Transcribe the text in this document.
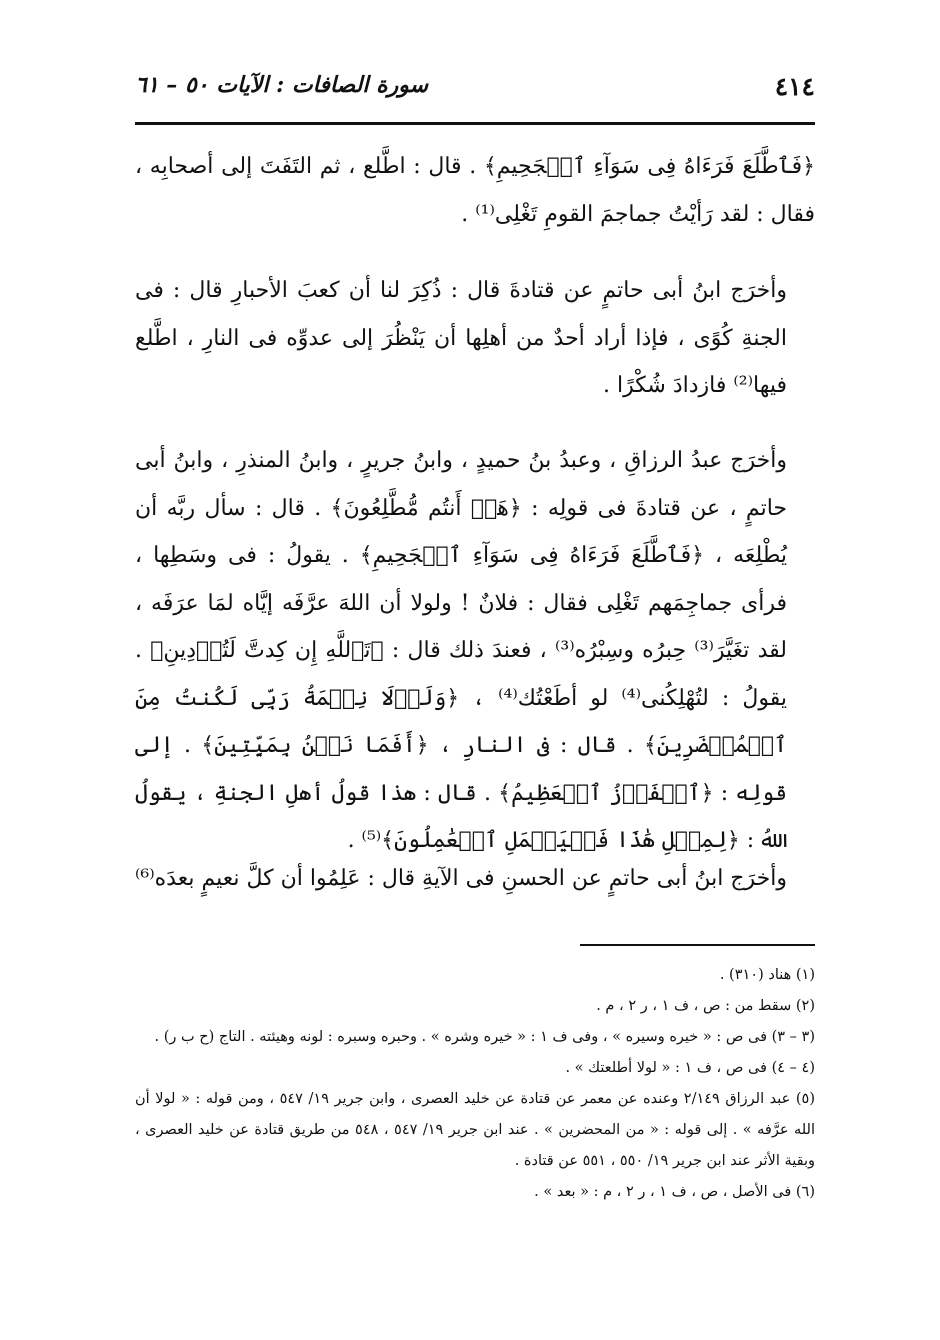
٤١٤
سورة الصافات : الآيات ٥٠ – ٦١

﴿فَٱطَّلَعَ فَرَءَاهُ فِى سَوَآءِ ٱلۡجَحِيمِ﴾ . قال : اطَّلع ، ثم التَفَتَ إلى أصحابِه ، فقال : لقد رَأيْتُ جماجمَ القومِ تَغْلِى⁽¹⁾ .

وأخرَج ابنُ أبى حاتمٍ عن قتادةَ قال : ذُكِرَ لنا أن كعبَ الأحبارِ قال : فى الجنةِ كُوًى ، فإذا أراد أحدٌ من أهلِها أن يَنْظُرَ إلى عدوِّه فى النارِ ، اطَّلع فيها⁽²⁾ فازدادَ شُكْرًا .

وأخرَج عبدُ الرزاقِ ، وعبدُ بنُ حميدٍ ، وابنُ جريرٍ ، وابنُ المنذرِ ، وابنُ أبى حاتمٍ ، عن قتادةَ فى قولِه : ﴿هَلۡ أَنتُم مُّطَّلِعُونَ﴾ . قال : سأل ربَّه أن يُطْلِعَه ، ﴿فَٱطَّلَعَ فَرَءَاهُ فِى سَوَآءِ ٱلۡجَحِيمِ﴾ . يقولُ : فى وسَطِها ، فرأى جماجِمَهم تَغْلِى فقال : فلانٌ ! ولولا أن اللهَ عرَّفَه إيَّاه لمَا عرَفَه ، لقد تغَيَّرَ⁽³⁾ حِبرُه وسِبْرُه⁽³⁾ ، فعندَ ذلك قال : ﴿تَٱللَّهِ إِن كِدتَّ لَتُرۡدِينِ﴾ . يقولُ : لتُهْلِكُنى⁽⁴⁾ لو أطَعْتُك⁽⁴⁾ ، ﴿وَلَوۡلَا نِعۡمَةُ رَبِّى لَكُنتُ مِنَ ٱلۡمُحۡضَرِينَ﴾ . قال : فى النارِ ، ﴿أَفَمَا نَحۡنُ بِمَيِّتِينَ﴾ . إلى قولِه : ﴿ٱلۡفَوۡزُ ٱلۡعَظِيمُ﴾ . قال : هذا قولُ أهلِ الجنةِ ، يقولُ اللهُ : ﴿لِمِثۡلِ هَٰذَا فَلۡيَعۡمَلِ ٱلۡعَٰمِلُونَ﴾⁽⁵⁾ .

وأخرَج ابنُ أبى حاتمٍ عن الحسنِ فى الآيةِ قال : عَلِمُوا أن كلَّ نعيمٍ بعدَه⁽⁶⁾

(١) هناد (٣١٠) .

(٢) سقط من : ص ، ف ١ ، ر ٢ ، م .

(٣ – ٣) فى ص : « خيره وسيره » ، وفى ف ١ : « خيره وشره » . وحبره وسبره : لونه وهيئته . التاج (ح ب ر) .

(٤ – ٤) فى ص ، ف ١ : « لولا أطلعتك » .

(٥) عبد الرزاق ٢/١٤٩ وعنده عن معمر عن قتادة عن خليد العصرى ، وابن جرير ١٩/ ٥٤٧ ، ومن قوله : « لولا أن الله عرَّفه » . إلى قوله : « من المحضرين » . عند ابن جرير ١٩/ ٥٤٧ ، ٥٤٨ من طريق قتادة عن خليد العصرى ، وبقية الأثر عند ابن جرير ١٩/ ٥٥٠ ، ٥٥١ عن قتادة .

(٦) فى الأصل ، ص ، ف ١ ، ر ٢ ، م : « بعد » .
